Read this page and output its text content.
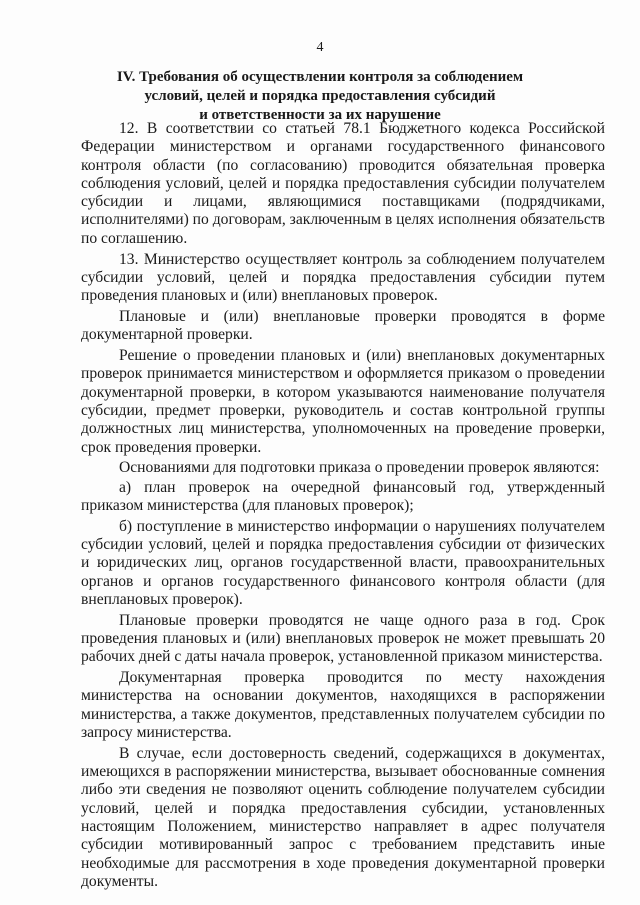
4
IV. Требования об осуществлении контроля за соблюдением
условий, целей и порядка предоставления субсидий
и ответственности за их нарушение

12. В соответствии со статьей 78.1 Бюджетного кодекса Российской Федерации министерством и органами государственного финансового контроля области (по согласованию) проводится обязательная проверка соблюдения условий, целей и порядка предоставления субсидии получателем субсидии и лицами, являющимися поставщиками (подрядчиками, исполнителями) по договорам, заключенным в целях исполнения обязательств по соглашению.

13. Министерство осуществляет контроль за соблюдением получателем субсидии условий, целей и порядка предоставления субсидии путем проведения плановых и (или) внеплановых проверок.

Плановые и (или) внеплановые проверки проводятся в форме документарной проверки.

Решение о проведении плановых и (или) внеплановых документарных проверок принимается министерством и оформляется приказом о проведении документарной проверки, в котором указываются наименование получателя субсидии, предмет проверки, руководитель и состав контрольной группы должностных лиц министерства, уполномоченных на проведение проверки, срок проведения проверки.

Основаниями для подготовки приказа о проведении проверок являются:

а) план проверок на очередной финансовый год, утвержденный приказом министерства (для плановых проверок);

б) поступление в министерство информации о нарушениях получателем субсидии условий, целей и порядка предоставления субсидии от физических и юридических лиц, органов государственной власти, правоохранительных органов и органов государственного финансового контроля области (для внеплановых проверок).

Плановые проверки проводятся не чаще одного раза в год. Срок проведения плановых и (или) внеплановых проверок не может превышать 20 рабочих дней с даты начала проверок, установленной приказом министерства.

Документарная проверка проводится по месту нахождения министерства на основании документов, находящихся в распоряжении министерства, а также документов, представленных получателем субсидии по запросу министерства.

В случае, если достоверность сведений, содержащихся в документах, имеющихся в распоряжении министерства, вызывает обоснованные сомнения либо эти сведения не позволяют оценить соблюдение получателем субсидии условий, целей и порядка предоставления субсидии, установленных настоящим Положением, министерство направляет в адрес получателя субсидии мотивированный запрос с требованием представить иные необходимые для рассмотрения в ходе проведения документарной проверки документы.
